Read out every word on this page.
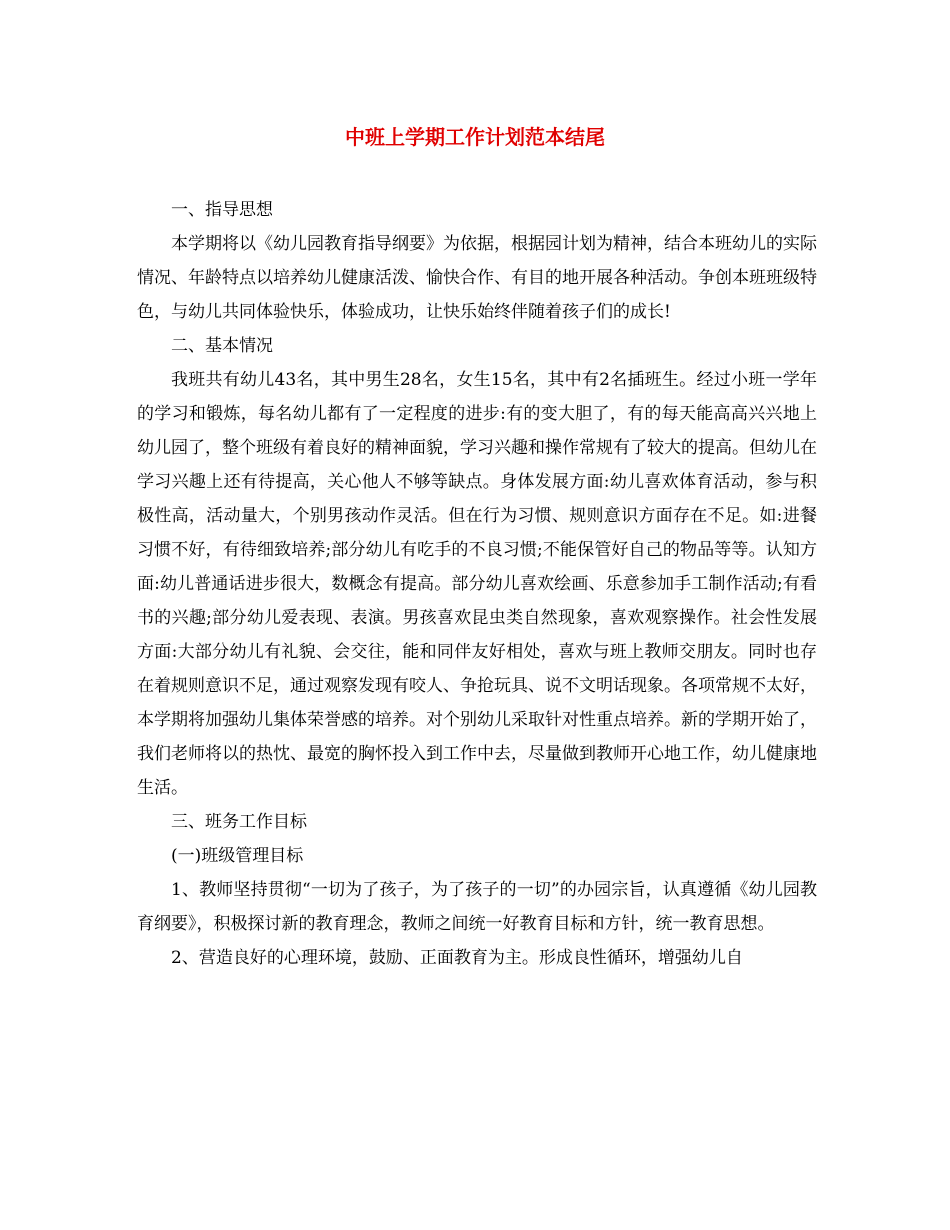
中班上学期工作计划范本结尾

一、指导思想

本学期将以《幼儿园教育指导纲要》为依据，根据园计划为精神，结合本班幼儿的实际情况、年龄特点以培养幼儿健康活泼、愉快合作、有目的地开展各种活动。争创本班班级特色，与幼儿共同体验快乐，体验成功，让快乐始终伴随着孩子们的成长!

二、基本情况

我班共有幼儿43名，其中男生28名，女生15名，其中有2名插班生。经过小班一学年的学习和锻炼，每名幼儿都有了一定程度的进步:有的变大胆了，有的每天能高高兴兴地上幼儿园了，整个班级有着良好的精神面貌，学习兴趣和操作常规有了较大的提高。但幼儿在学习兴趣上还有待提高，关心他人不够等缺点。身体发展方面:幼儿喜欢体育活动，参与积极性高，活动量大，个别男孩动作灵活。但在行为习惯、规则意识方面存在不足。如:进餐习惯不好，有待细致培养;部分幼儿有吃手的不良习惯;不能保管好自己的物品等等。认知方面:幼儿普通话进步很大，数概念有提高。部分幼儿喜欢绘画、乐意参加手工制作活动;有看书的兴趣;部分幼儿爱表现、表演。男孩喜欢昆虫类自然现象，喜欢观察操作。社会性发展方面:大部分幼儿有礼貌、会交往，能和同伴友好相处，喜欢与班上教师交朋友。同时也存在着规则意识不足，通过观察发现有咬人、争抢玩具、说不文明话现象。各项常规不太好，本学期将加强幼儿集体荣誉感的培养。对个别幼儿采取针对性重点培养。新的学期开始了，我们老师将以的热忱、最宽的胸怀投入到工作中去，尽量做到教师开心地工作，幼儿健康地生活。

三、班务工作目标

(一)班级管理目标

1、教师坚持贯彻“一切为了孩子，为了孩子的一切”的办园宗旨，认真遵循《幼儿园教育纲要》，积极探讨新的教育理念，教师之间统一好教育目标和方针，统一教育思想。

2、营造良好的心理环境，鼓励、正面教育为主。形成良性循环，增强幼儿自
